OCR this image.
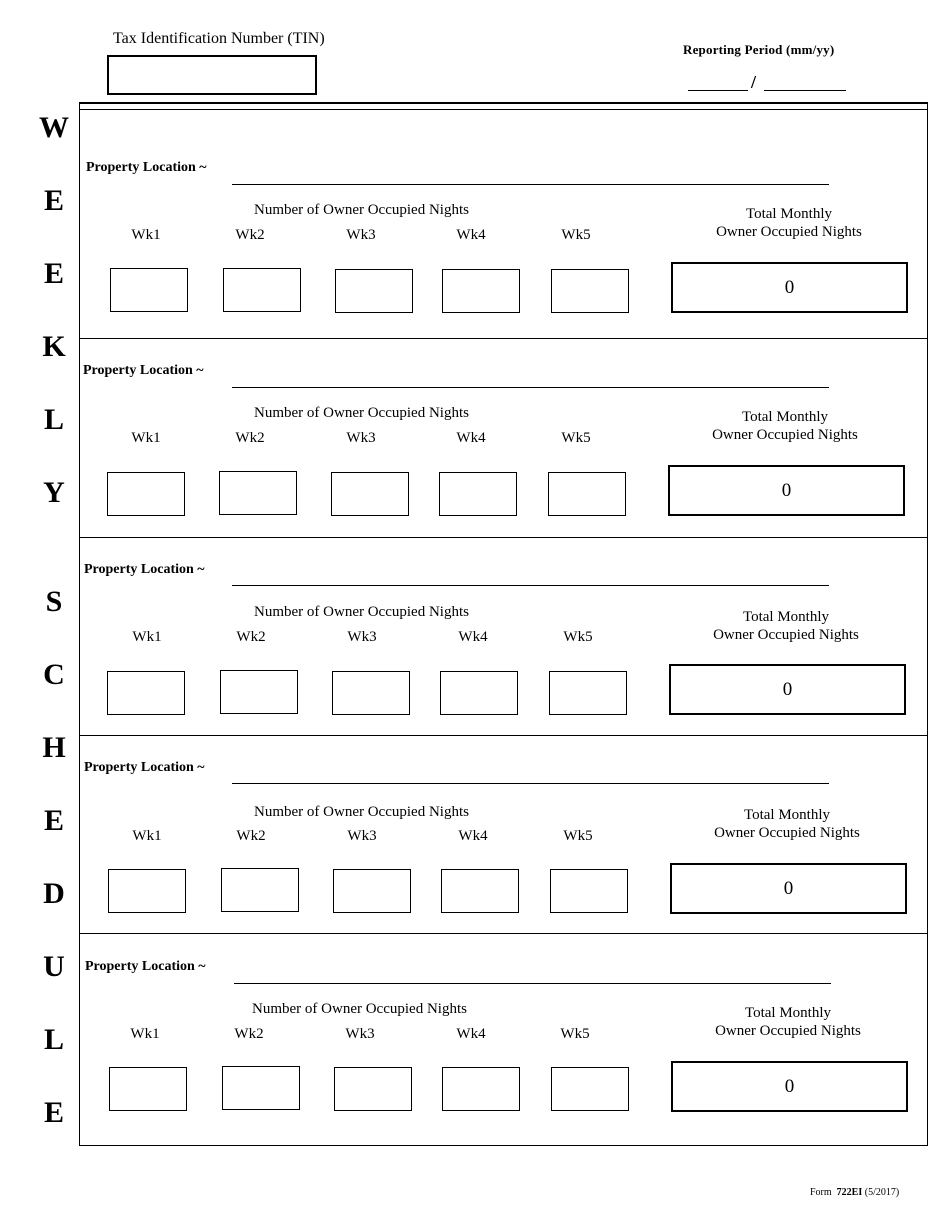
Tax Identification Number (TIN)
Reporting Period (mm/yy)
/
W
E
E
K
L
Y
S
C
H
E
D
U
L
E
Property Location ~
Number of Owner Occupied Nights
Wk1	Wk2	Wk3	Wk4	Wk5
Total Monthly
Owner Occupied Nights
0
Property Location ~
Number of Owner Occupied Nights
Wk1	Wk2	Wk3	Wk4	Wk5
Total Monthly
Owner Occupied Nights
0
Property Location ~
Number of Owner Occupied Nights
Wk1	Wk2	Wk3	Wk4	Wk5
Total Monthly
Owner Occupied Nights
0
Property Location ~
Number of Owner Occupied Nights
Wk1	Wk2	Wk3	Wk4	Wk5
Total Monthly
Owner Occupied Nights
0
Property Location ~
Number of Owner Occupied Nights
Wk1	Wk2	Wk3	Wk4	Wk5
Total Monthly
Owner Occupied Nights
0
Form 722EI (5/2017)
